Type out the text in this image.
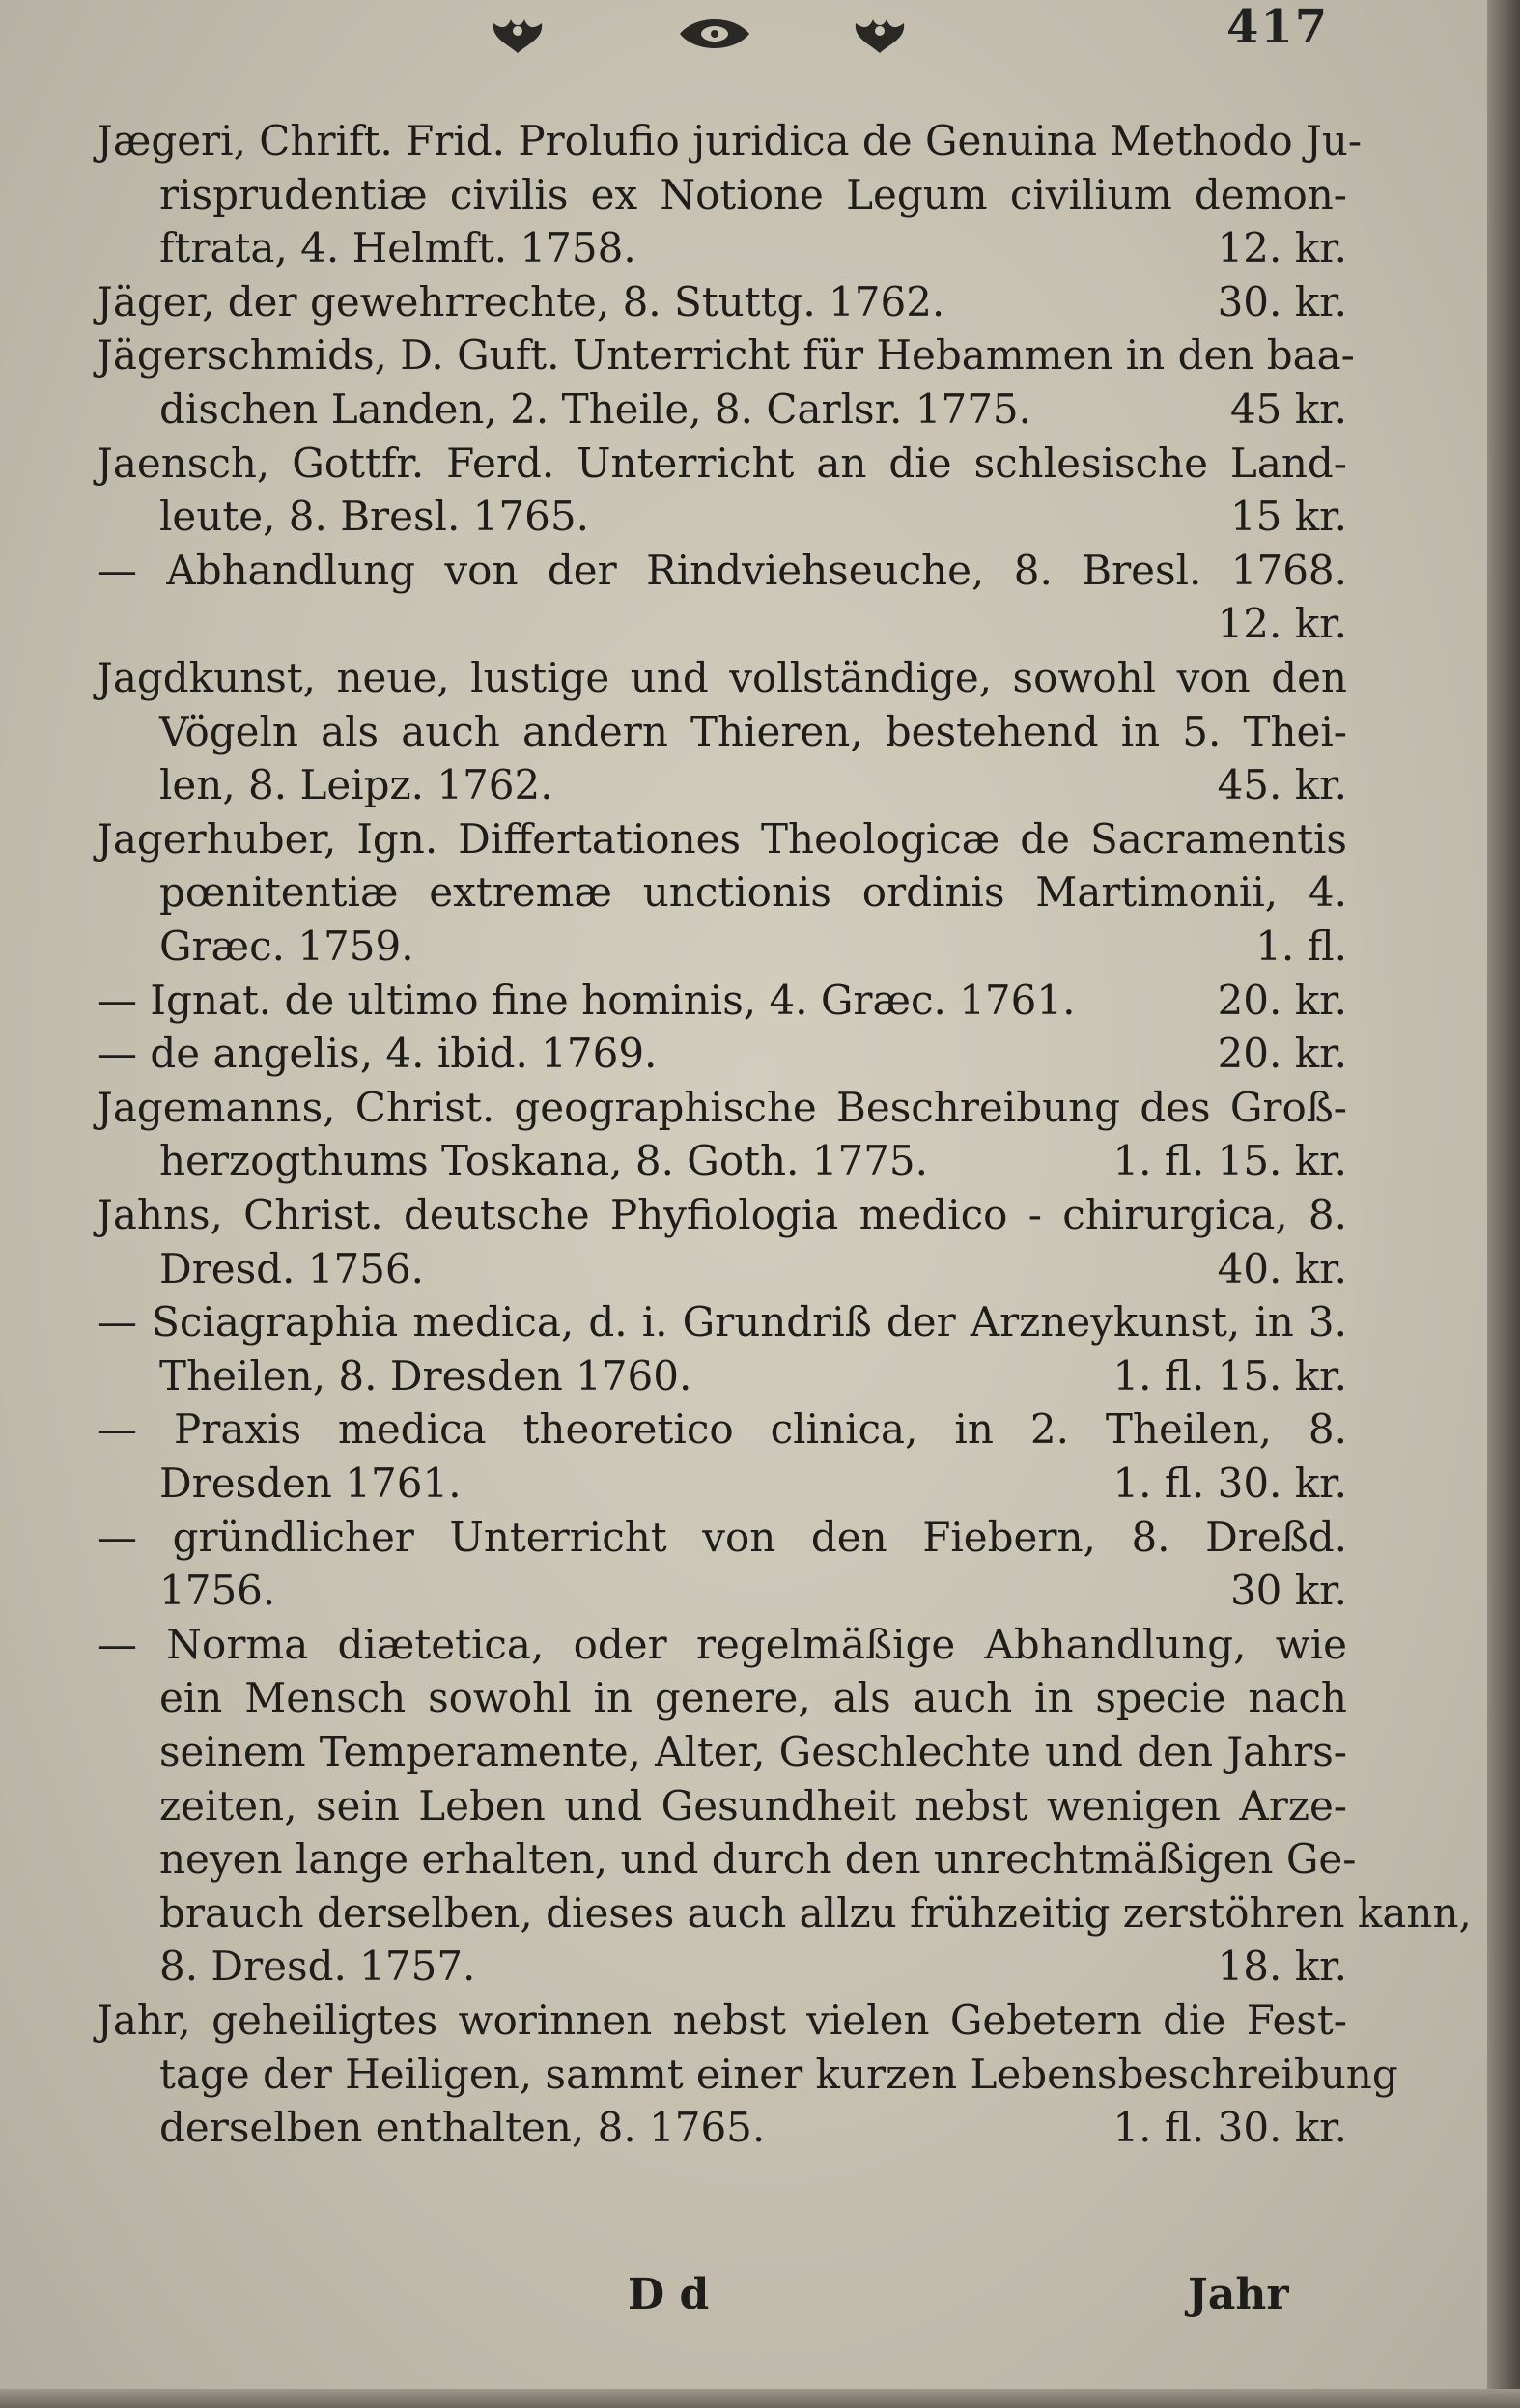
417
Jægeri, Chrift. Frid. Prolufio juridica de Genuina Methodo Ju-
risprudentiæ civilis ex Notione Legum civilium demon-
ftrata, 4. Helmft. 1758.	12. kr.
Jäger, der gewehrrechte, 8. Stuttg. 1762.	30. kr.
Jägerschmids, D. Guft. Unterricht für Hebammen in den baa-
dischen Landen, 2. Theile, 8. Carlsr. 1775.	45 kr.
Jaensch, Gottfr. Ferd. Unterricht an die schlesische Land-
leute, 8. Bresl. 1765.	15 kr.
— Abhandlung von der Rindviehseuche, 8. Bresl. 1768.
12. kr.
Jagdkunst, neue, lustige und vollständige, sowohl von den
Vögeln als auch andern Thieren, bestehend in 5. Thei-
len, 8. Leipz. 1762.	45. kr.
Jagerhuber, Ign. Differtationes Theologicæ de Sacramentis
pœnitentiæ extremæ unctionis ordinis Martimonii, 4.
Græc. 1759.	1. fl.
— Ignat. de ultimo fine hominis, 4. Græc. 1761.	20. kr.
— de angelis, 4. ibid. 1769.	20. kr.
Jagemanns, Christ. geographische Beschreibung des Groß-
herzogthums Toskana, 8. Goth. 1775.	1. fl. 15. kr.
Jahns, Christ. deutsche Phyfiologia medico - chirurgica, 8.
Dresd. 1756.	40. kr.
— Sciagraphia medica, d. i. Grundriß der Arzneykunst, in 3.
Theilen, 8. Dresden 1760.	1. fl. 15. kr.
— Praxis medica theoretico clinica, in 2. Theilen, 8.
Dresden 1761.	1. fl. 30. kr.
— gründlicher Unterricht von den Fiebern, 8. Dreßd.
1756.	30 kr.
— Norma diætetica, oder regelmäßige Abhandlung, wie
ein Mensch sowohl in genere, als auch in specie nach
seinem Temperamente, Alter, Geschlechte und den Jahrs-
zeiten, sein Leben und Gesundheit nebst wenigen Arze-
neyen lange erhalten, und durch den unrechtmäßigen Ge-
brauch derselben, dieses auch allzu frühzeitig zerstöhren kann,
8. Dresd. 1757.	18. kr.
Jahr, geheiligtes worinnen nebst vielen Gebetern die Fest-
tage der Heiligen, sammt einer kurzen Lebensbeschreibung
derselben enthalten, 8. 1765.	1. fl. 30. kr.
D d	Jahr
